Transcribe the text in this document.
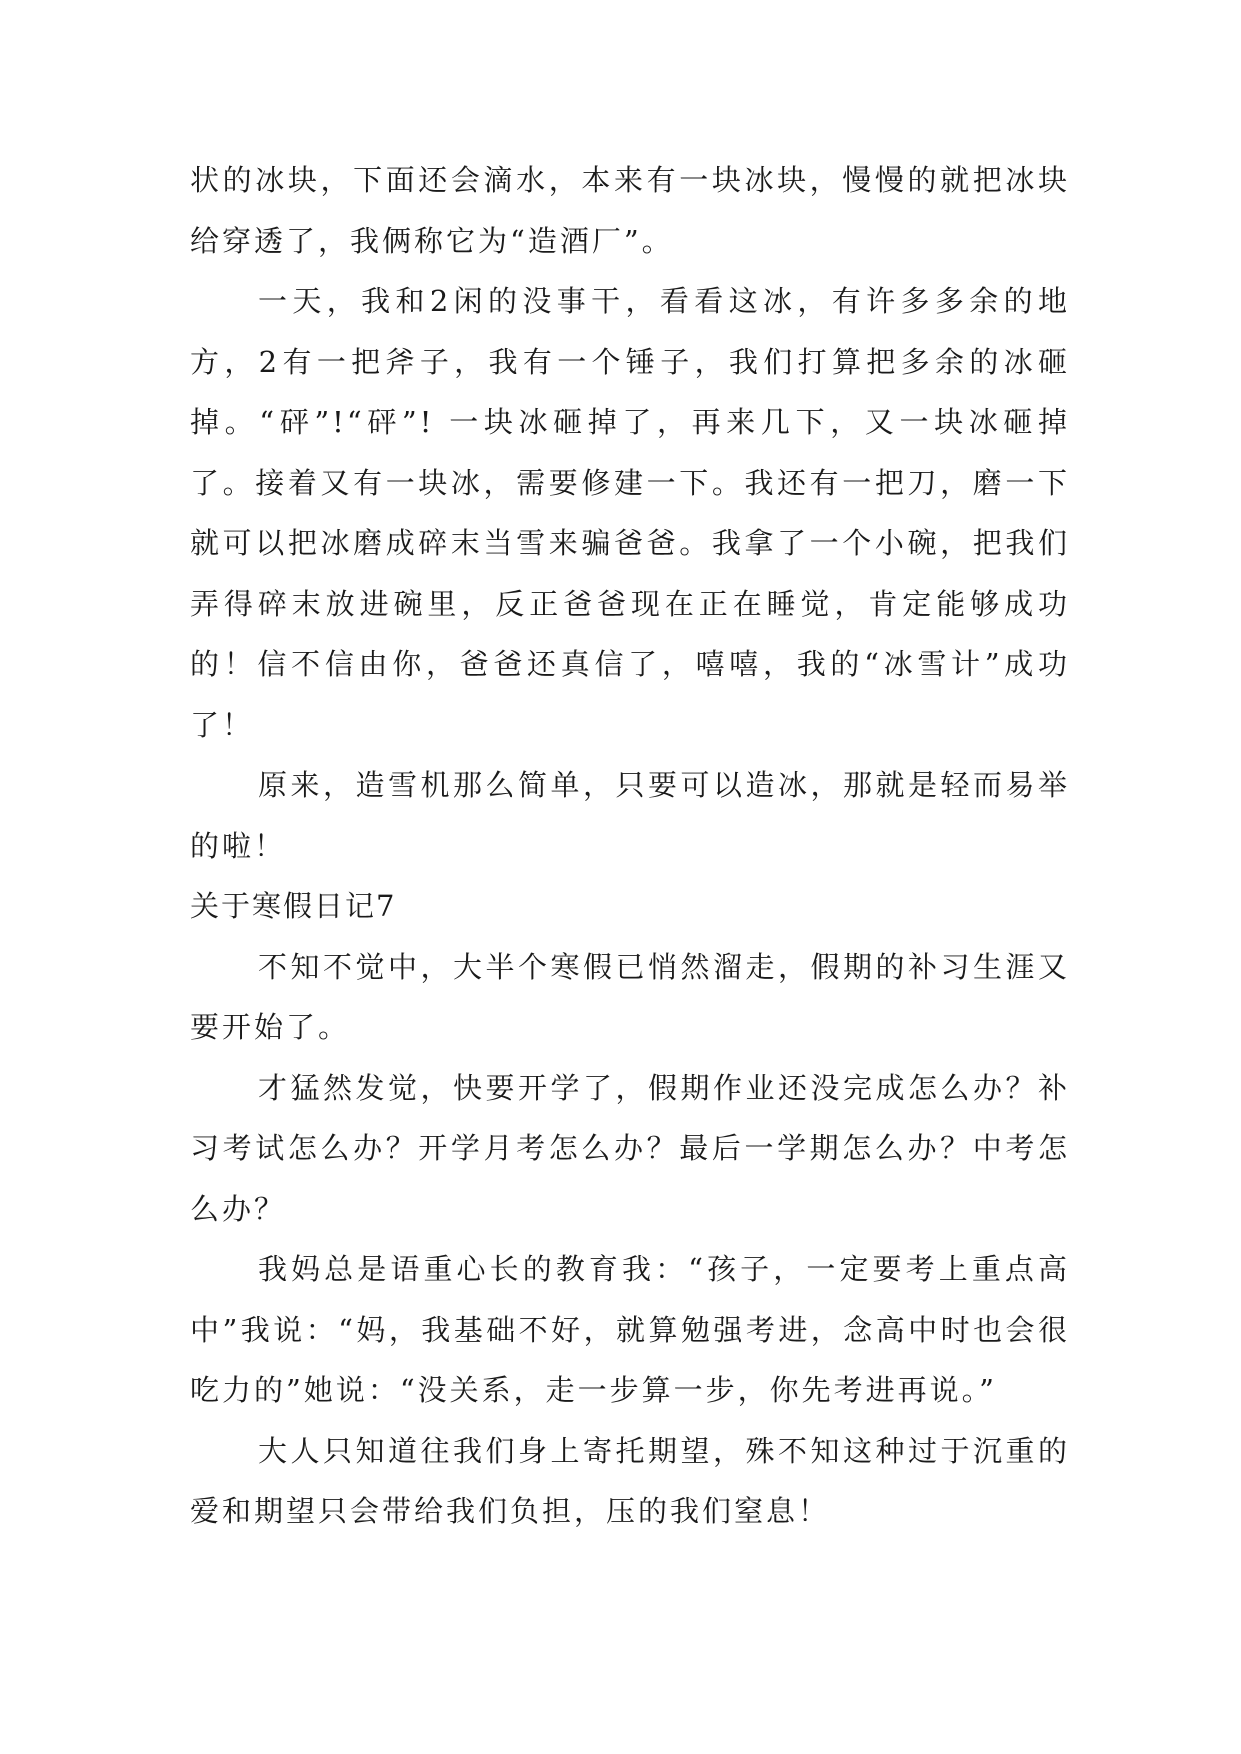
状的冰块，下面还会滴水，本来有一块冰块，慢慢的就把冰块给穿透了，我俩称它为“造酒厂”。

一天，我和2闲的没事干，看看这冰，有许多多余的地方，2有一把斧子，我有一个锤子，我们打算把多余的冰砸掉。“砰”!“砰”! 一块冰砸掉了，再来几下，又一块冰砸掉了。接着又有一块冰，需要修建一下。我还有一把刀，磨一下就可以把冰磨成碎末当雪来骗爸爸。我拿了一个小碗，把我们弄得碎末放进碗里，反正爸爸现在正在睡觉，肯定能够成功的！信不信由你，爸爸还真信了，嘻嘻，我的“冰雪计”成功了！

原来，造雪机那么简单，只要可以造冰，那就是轻而易举的啦！

关于寒假日记7

不知不觉中，大半个寒假已悄然溜走，假期的补习生涯又要开始了。

才猛然发觉，快要开学了，假期作业还没完成怎么办？补习考试怎么办？开学月考怎么办？最后一学期怎么办？中考怎么办？

我妈总是语重心长的教育我：“孩子，一定要考上重点高中”我说：“妈，我基础不好，就算勉强考进，念高中时也会很吃力的”她说：“没关系，走一步算一步，你先考进再说。”

大人只知道往我们身上寄托期望，殊不知这种过于沉重的爱和期望只会带给我们负担，压的我们窒息！
